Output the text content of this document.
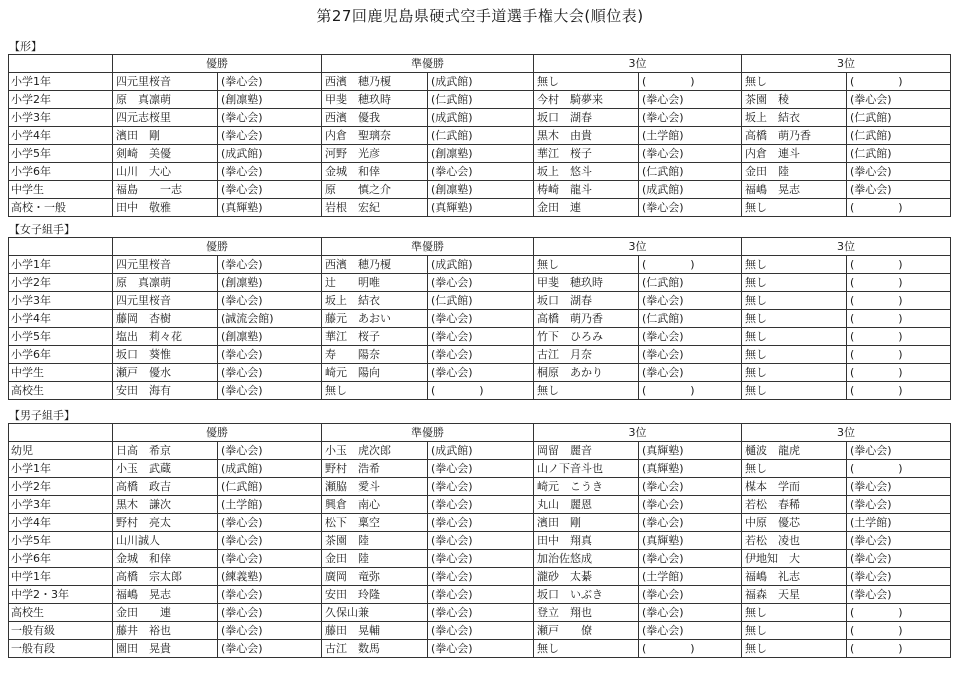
第27回鹿児島県硬式空手道選手権大会(順位表)
【形】
	優勝		準優勝		3位		3位	
小学1年	四元里桜音	(拳心会)	西濱　穂乃榎	(成武館)	無し	(　　　　)	無し	(　　　　)
小学2年	原　真凛萌	(創凛塾)	甲斐　穂玖時	(仁武館)	今村　騎夢来	(拳心会)	茶園　稜	(拳心会)
小学3年	四元志桜里	(拳心会)	西濱　優我	(成武館)	坂口　湖春	(拳心会)	坂上　結衣	(仁武館)
小学4年	濱田　剛	(拳心会)	内倉　聖璃奈	(仁武館)	黒木　由貴	(土学館)	高橋　萌乃香	(仁武館)
小学5年	剣崎　美優	(成武館)	河野　光彦	(創凛塾)	華江　桜子	(拳心会)	内倉　連斗	(仁武館)
小学6年	山川　大心	(拳心会)	金城　和倖	(拳心会)	坂上　悠斗	(仁武館)	金田　陸	(拳心会)
中学生	福島　　一志	(拳心会)	原　　慎之介	(創凛塾)	梼崎　龍斗	(成武館)	福嶋　晃志	(拳心会)
高校・一般	田中　敬雅	(真輝塾)	岩根　宏紀	(真輝塾)	金田　連	(拳心会)	無し	(　　　　)
【女子組手】
	優勝		準優勝		3位		3位	
小学1年	四元里桜音	(拳心会)	西濱　穂乃榎	(成武館)	無し	(　　　　)	無し	(　　　　)
小学2年	原　真凛萌	(創凛塾)	辻　　明唯	(拳心会)	甲斐　穂玖時	(仁武館)	無し	(　　　　)
小学3年	四元里桜音	(拳心会)	坂上　結衣	(仁武館)	坂口　湖春	(拳心会)	無し	(　　　　)
小学4年	藤岡　杏樹	(誠流会館)	藤元　あおい	(拳心会)	高橋　萌乃香	(仁武館)	無し	(　　　　)
小学5年	塩出　莉々花	(創凛塾)	華江　桜子	(拳心会)	竹下　ひろみ	(拳心会)	無し	(　　　　)
小学6年	坂口　葵惟	(拳心会)	寿　　陽奈	(拳心会)	古江　月奈	(拳心会)	無し	(　　　　)
中学生	瀬戸　優水	(拳心会)	崎元　陽向	(拳心会)	桐原　あかり	(拳心会)	無し	(　　　　)
高校生	安田　海有	(拳心会)	無し	(　　　　)	無し	(　　　　)	無し	(　　　　)
【男子組手】
	優勝		準優勝		3位		3位	
幼児	日高　希京	(拳心会)	小玉　虎次郎	(成武館)	岡留　麗音	(真輝塾)	樋波　龍虎	(拳心会)
小学1年	小玉　武蔵	(成武館)	野村　浩希	(拳心会)	山ノ下音斗也	(真輝塾)	無し	(　　　　)
小学2年	高橋　政吉	(仁武館)	瀬脇　愛斗	(拳心会)	崎元　こうき	(拳心会)	楳本　学而	(拳心会)
小学3年	黒木　謙次	(土学館)	興倉　南心	(拳心会)	丸山　麗恩	(拳心会)	若松　春稀	(拳心会)
小学4年	野村　亮太	(拳心会)	松下　稟空	(拳心会)	濱田　剛	(拳心会)	中原　優芯	(土学館)
小学5年	山川誠人	(拳心会)	茶園　陸	(拳心会)	田中　翔真	(真輝塾)	若松　凌也	(拳心会)
小学6年	金城　和倖	(拳心会)	金田　陸	(拳心会)	加治佐悠成	(拳心会)	伊地知　大	(拳心会)
中学1年	高橋　宗太郎	(練義塾)	廣岡　竜弥	(拳心会)	瀧砂　太綦	(土学館)	福嶋　礼志	(拳心会)
中学2・3年	福嶋　晃志	(拳心会)	安田　玲隆	(拳心会)	坂口　いぶき	(拳心会)	福森　天星	(拳心会)
高校生	金田　　連	(拳心会)	久保山兼	(拳心会)	登立　翔也	(拳心会)	無し	(　　　　)
一般有級	藤井　裕也	(拳心会)	藤田　晃輔	(拳心会)	瀬戸　　僚	(拳心会)	無し	(　　　　)
一般有段	園田　晃貴	(拳心会)	古江　数馬	(拳心会)	無し	(　　　　)	無し	(　　　　)
